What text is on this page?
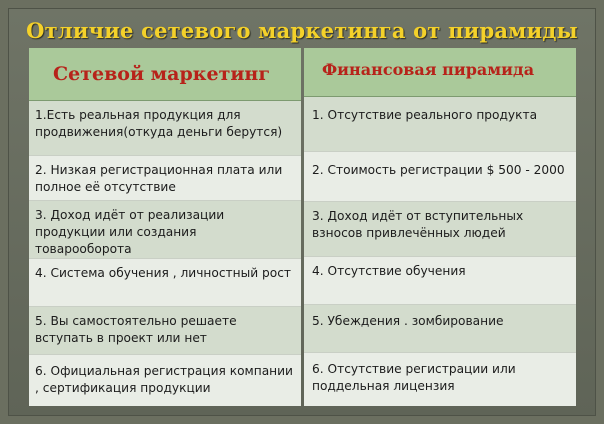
Отличие сетевого маркетинга от пирамиды
Сетевой маркетинг
1.Есть реальная продукция для продвижения(откуда деньги берутся)
2. Низкая регистрационная плата или полное её отсутствие
3. Доход идёт от реализации продукции или создания товарооборота
4. Система обучения , личностный рост
5. Вы самостоятельно решаете вступать в проект или нет
6. Официальная регистрация компании , сертификация продукции
Финансовая пирамида
1. Отсутствие реального продукта
2. Стоимость регистрации $ 500 - 2000
3. Доход идёт от вступительных взносов привлечённых людей
4. Отсутствие обучения
5. Убеждения . зомбирование
6. Отсутствие регистрации или поддельная лицензия
